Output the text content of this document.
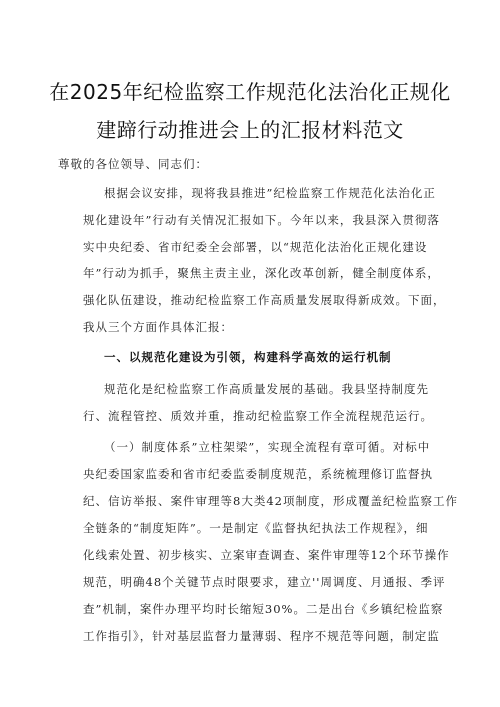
在2025年纪检监察工作规范化法治化正规化
建蹄行动推进会上的汇报材料范文
尊敬的各位领导、同志们：
根据会议安排，现将我县推进”纪检监察工作规范化法治化正
规化建设年”行动有关情况汇报如下。今年以来，我县深入贯彻落
实中央纪委、省市纪委全会部署，以“规范化法治化正规化建设
年”行动为抓手，聚焦主责主业，深化改革创新，健全制度体系，
强化队伍建设，推动纪检监察工作高质量发展取得新成效。下面，
我从三个方面作具体汇报：
一、以规范化建设为引领，构建科学高效的运行机制
规范化是纪检监察工作高质量发展的基础。我县坚持制度先
行、流程管控、质效并重，推动纪检监察工作全流程规范运行。
（一）制度体系”立柱架梁”，实现全流程有章可循。对标中
央纪委国家监委和省市纪委监委制度规范，系统梳理修订监督执
纪、信访举报、案件审理等8大类42项制度，形成覆盖纪检监察工作
全链条的“制度矩阵”。一是制定《监督执纪执法工作规程》，细
化线索处置、初步核实、立案审查调查、案件审理等12个环节操作
规范，明确48个关键节点时限要求，建立''周调度、月通报、季评
查”机制，案件办理平均时长缩短30%。二是出台《乡镇纪检监察
工作指引》，针对基层监督力量薄弱、程序不规范等问题，制定监
